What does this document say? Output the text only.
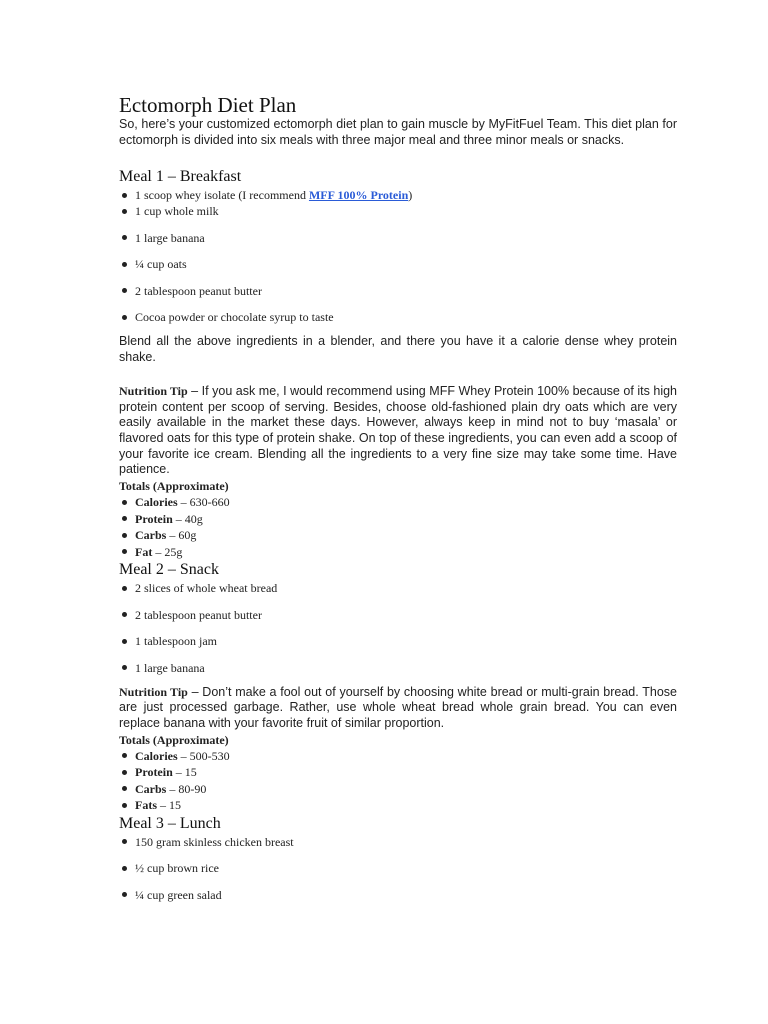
Ectomorph Diet Plan

So, here’s your customized ectomorph diet plan to gain muscle by MyFitFuel Team. This diet plan for ectomorph is divided into six meals with three major meal and three minor meals or snacks.

Meal 1 – Breakfast
1 scoop whey isolate (I recommend MFF 100% Protein)
1 cup whole milk
1 large banana
¼ cup oats
2 tablespoon peanut butter
Cocoa powder or chocolate syrup to taste

Blend all the above ingredients in a blender, and there you have it a calorie dense whey protein shake.

Nutrition Tip – If you ask me, I would recommend using MFF Whey Protein 100% because of its high protein content per scoop of serving. Besides, choose old-fashioned plain dry oats which are very easily available in the market these days. However, always keep in mind not to buy ‘masala’ or flavored oats for this type of protein shake. On top of these ingredients, you can even add a scoop of your favorite ice cream. Blending all the ingredients to a very fine size may take some time. Have patience.

Totals (Approximate)

Calories – 630-660
Protein – 40g
Carbs – 60g
Fat – 25g
Meal 2 – Snack
2 slices of whole wheat bread
2 tablespoon peanut butter
1 tablespoon jam
1 large banana

Nutrition Tip – Don’t make a fool out of yourself by choosing white bread or multi-grain bread. Those are just processed garbage. Rather, use whole wheat bread whole grain bread. You can even replace banana with your favorite fruit of similar proportion.

Totals (Approximate)

Calories – 500-530
Protein – 15
Carbs – 80-90
Fats – 15
Meal 3 – Lunch
150 gram skinless chicken breast
½ cup brown rice
¼ cup green salad
